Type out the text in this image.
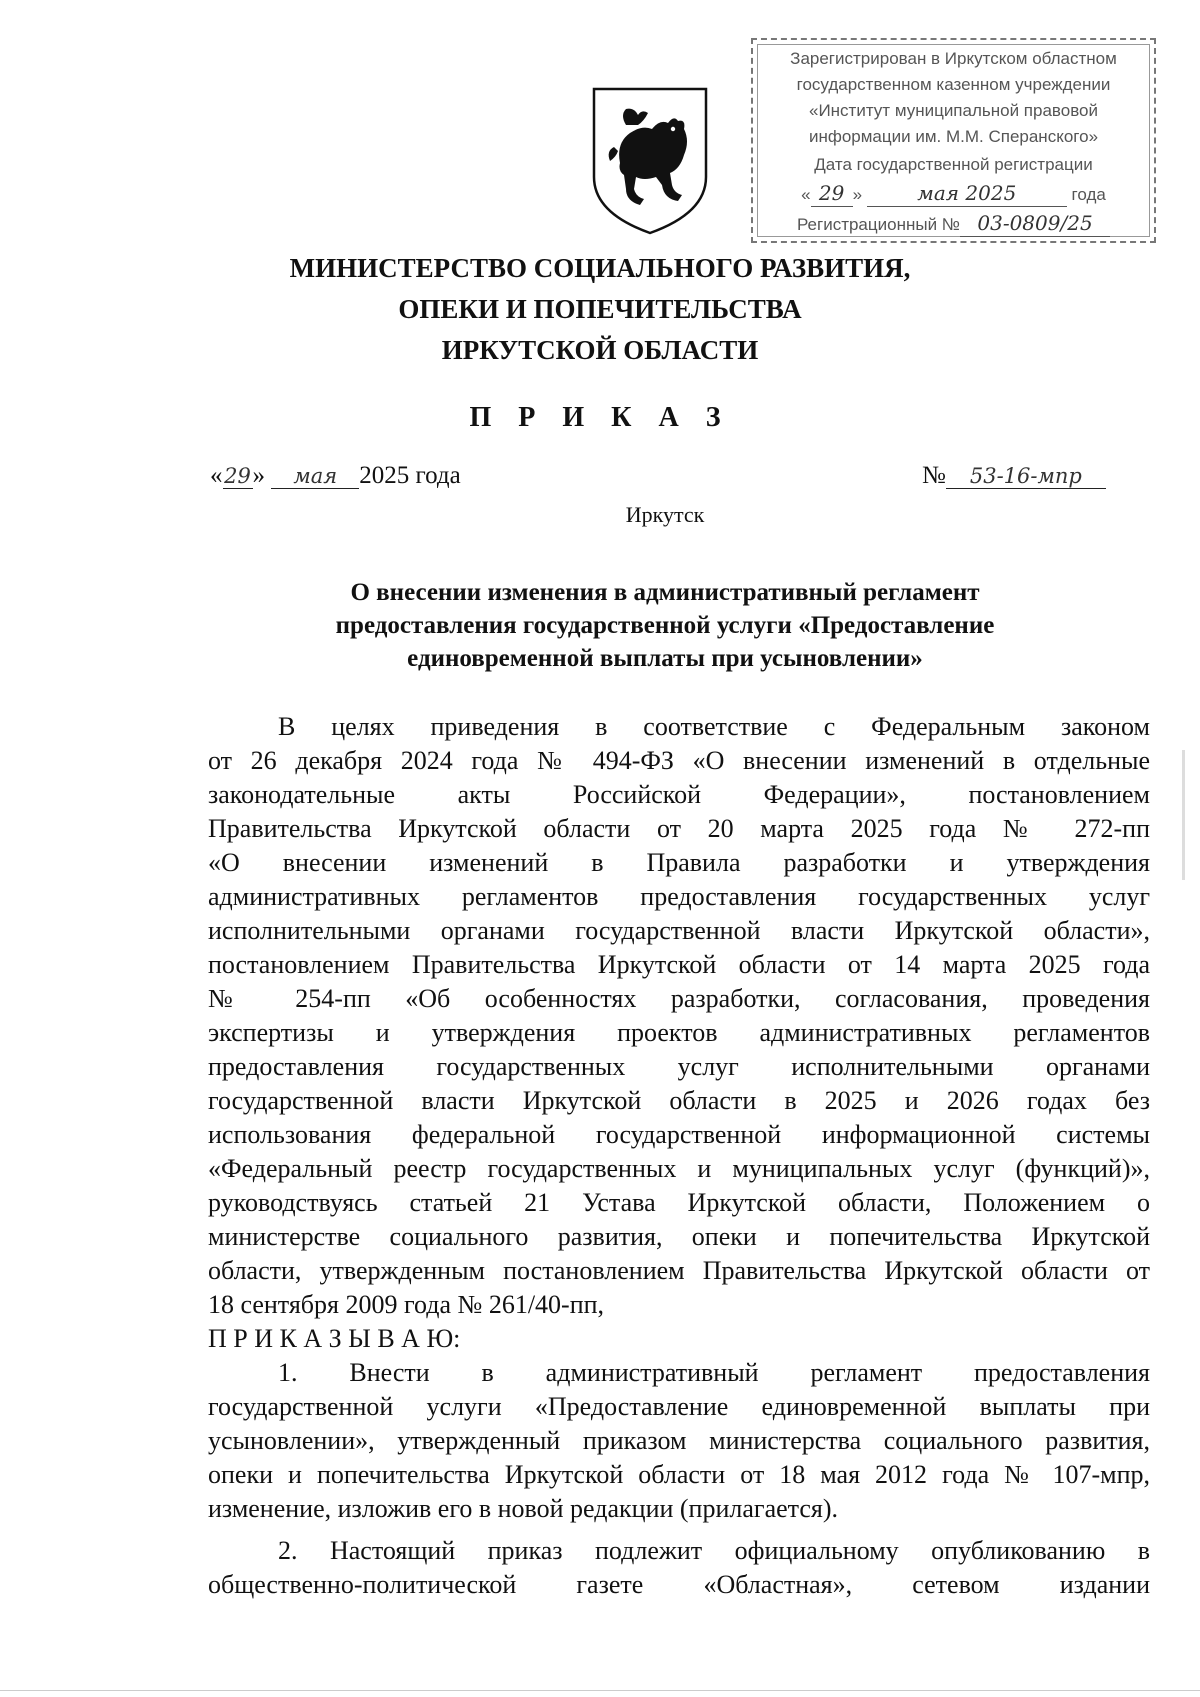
Зарегистрирован в Иркутском областном
государственном казенном учреждении
«Институт муниципальной правовой
информации им. М.М. Сперанского»
Дата государственной регистрации
« 29 »	мая 2025	года
Регистрационный № 03-0809/25
МИНИСТЕРСТВО СОЦИАЛЬНОГО РАЗВИТИЯ,
ОПЕКИ И ПОПЕЧИТЕЛЬСТВА
ИРКУТСКОЙ ОБЛАСТИ
П Р И К А З
«29» мая 2025 года	№ 53-16-мпр
Иркутск
О внесении изменения в административный регламент
предоставления государственной услуги «Предоставление
единовременной выплаты при усыновлении»
В целях приведения в соответствие с Федеральным законом
от 26 декабря 2024 года № 494-ФЗ «О внесении изменений в отдельные
законодательные акты Российской Федерации», постановлением
Правительства Иркутской области от 20 марта 2025 года № 272-пп
«О внесении изменений в Правила разработки и утверждения
административных регламентов предоставления государственных услуг
исполнительными органами государственной власти Иркутской области»,
постановлением Правительства Иркутской области от 14 марта 2025 года
№ 254-пп «Об особенностях разработки, согласования, проведения
экспертизы и утверждения проектов административных регламентов
предоставления государственных услуг исполнительными органами
государственной власти Иркутской области в 2025 и 2026 годах без
использования федеральной государственной информационной системы
«Федеральный реестр государственных и муниципальных услуг (функций)»,
руководствуясь статьей 21 Устава Иркутской области, Положением о
министерстве социального развития, опеки и попечительства Иркутской
области, утвержденным постановлением Правительства Иркутской области от
18 сентября 2009 года № 261/40-пп,
П Р И К А З Ы В А Ю:
1. Внести в административный регламент предоставления
государственной услуги «Предоставление единовременной выплаты при
усыновлении», утвержденный приказом министерства социального развития,
опеки и попечительства Иркутской области от 18 мая 2012 года № 107-мпр,
изменение, изложив его в новой редакции (прилагается).
2. Настоящий приказ подлежит официальному опубликованию в
общественно-политической газете «Областная», сетевом издании
